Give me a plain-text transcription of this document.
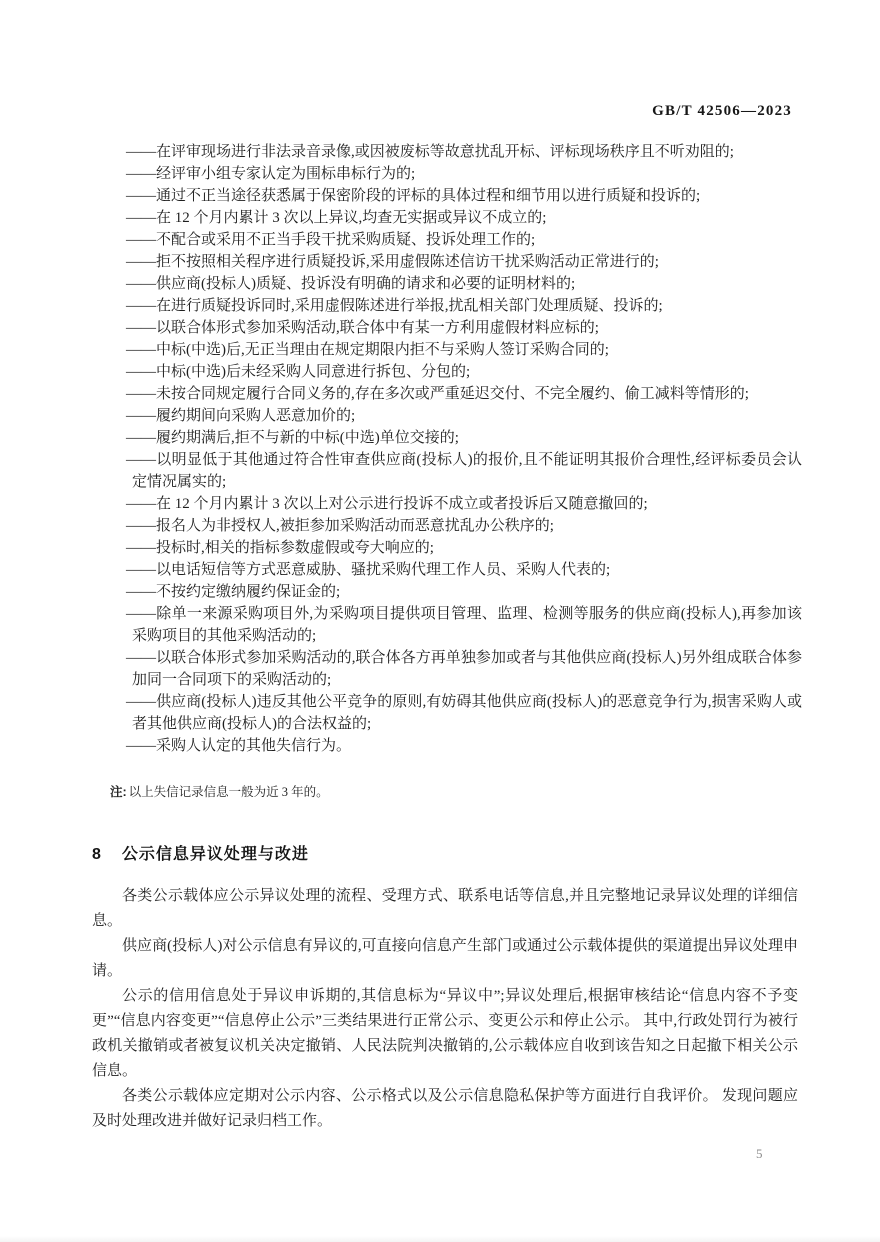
GB/T 42506—2023
——在评审现场进行非法录音录像,或因被废标等故意扰乱开标、评标现场秩序且不听劝阻的;
——经评审小组专家认定为围标串标行为的;
——通过不正当途径获悉属于保密阶段的评标的具体过程和细节用以进行质疑和投诉的;
——在 12 个月内累计 3 次以上异议,均查无实据或异议不成立的;
——不配合或采用不正当手段干扰采购质疑、投诉处理工作的;
——拒不按照相关程序进行质疑投诉,采用虚假陈述信访干扰采购活动正常进行的;
——供应商(投标人)质疑、投诉没有明确的请求和必要的证明材料的;
——在进行质疑投诉同时,采用虚假陈述进行举报,扰乱相关部门处理质疑、投诉的;
——以联合体形式参加采购活动,联合体中有某一方利用虚假材料应标的;
——中标(中选)后,无正当理由在规定期限内拒不与采购人签订采购合同的;
——中标(中选)后未经采购人同意进行拆包、分包的;
——未按合同规定履行合同义务的,存在多次或严重延迟交付、不完全履约、偷工减料等情形的;
——履约期间向采购人恶意加价的;
——履约期满后,拒不与新的中标(中选)单位交接的;
——以明显低于其他通过符合性审查供应商(投标人)的报价,且不能证明其报价合理性,经评标委员会认定情况属实的;
——在 12 个月内累计 3 次以上对公示进行投诉不成立或者投诉后又随意撤回的;
——报名人为非授权人,被拒参加采购活动而恶意扰乱办公秩序的;
——投标时,相关的指标参数虚假或夸大响应的;
——以电话短信等方式恶意威胁、骚扰采购代理工作人员、采购人代表的;
——不按约定缴纳履约保证金的;
——除单一来源采购项目外,为采购项目提供项目管理、监理、检测等服务的供应商(投标人),再参加该采购项目的其他采购活动的;
——以联合体形式参加采购活动的,联合体各方再单独参加或者与其他供应商(投标人)另外组成联合体参加同一合同项下的采购活动的;
——供应商(投标人)违反其他公平竞争的原则,有妨碍其他供应商(投标人)的恶意竞争行为,损害采购人或者其他供应商(投标人)的合法权益的;
——采购人认定的其他失信行为。
注: 以上失信记录信息一般为近 3 年的。
8 公示信息异议处理与改进
各类公示载体应公示异议处理的流程、受理方式、联系电话等信息,并且完整地记录异议处理的详细信息。
供应商(投标人)对公示信息有异议的,可直接向信息产生部门或通过公示载体提供的渠道提出异议处理申请。
公示的信用信息处于异议申诉期的,其信息标为“异议中”;异议处理后,根据审核结论“信息内容不予变更”“信息内容变更”“信息停止公示”三类结果进行正常公示、变更公示和停止公示。 其中,行政处罚行为被行政机关撤销或者被复议机关决定撤销、人民法院判决撤销的,公示载体应自收到该告知之日起撤下相关公示信息。
各类公示载体应定期对公示内容、公示格式以及公示信息隐私保护等方面进行自我评价。 发现问题应及时处理改进并做好记录归档工作。
5
